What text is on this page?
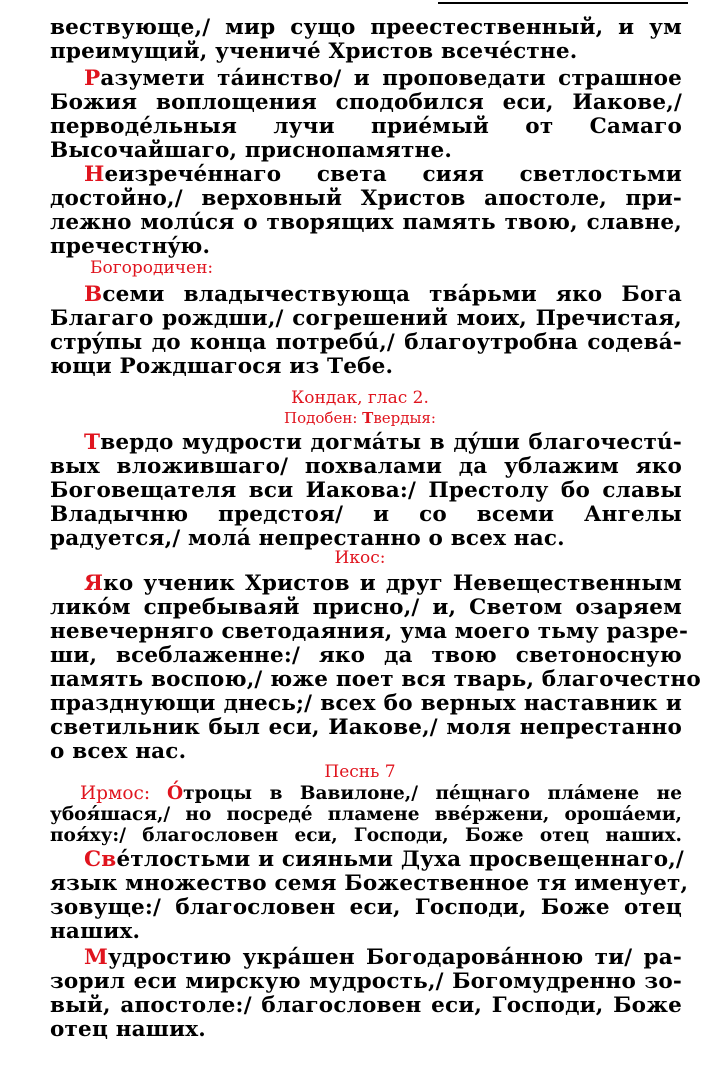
вествующе,/ мир сущо преестественный, и ум
преимущий, ученичé Христов всечéстне.
Разумети тáинство/ и проповедати страшное
Божия воплощения сподобился еси, Иакове,/
перводéльныя лучи приéмый от Самаго
Высочайшаго, приснопамятне.
Неизречéннаго света сияя светлостьми
достойно,/ верховный Христов апостоле, при-
лежно молúся о творящих память твою, славне,
пречестнýю.
Богородичен:
Всеми владычествующа твáрьми яко Бога
Благаго рождши,/ согрешений моих, Пречистая,
стрýпы до конца потребú,/ благоутробна содевá-
ющи Рождшагося из Тебе.
Кондак, глас 2.
Подобен: Твердыя:
Твердо мудрости догмáты в дýши благочестú-
вых вложившаго/ похвалами да ублажим яко
Боговещателя вси Иакова:/ Престолу бо славы
Владычню предстоя/ и со всеми Ангелы
радуется,/ молá непрестанно о всех нас.
Икос:
Яко ученик Христов и друг Невещественным
ликóм спребываяй присно,/ и, Светом озаряем
невечерняго светодаяния, ума моего тьму разре-
ши, всеблаженне:/ яко да твою светоносную
память воспою,/ юже поет вся тварь, благочестно
празднующи днесь;/ всех бо верных наставник и
светильник был еси, Иакове,/ моля непрестанно
о всех нас.
Песнь 7
Ирмос: О́троцы в Вавилоне,/ пéщнаго плáмене не
убоя́шася,/ но посредé пламене ввéржени, орошáеми,
поя́ху:/ благословен еси, Господи, Боже отец наших.
Свéтлостьми и сияньми Духа просвещеннаго,/
язык множество семя Божественное тя именует,
зовуще:/ благословен еси, Господи, Боже отец
наших.
Мудростию укрáшен Богодаровáнною ти/ ра-
зорил еси мирскую мудрость,/ Богомудренно зо-
вый, апостоле:/ благословен еси, Господи, Боже
отец наших.
